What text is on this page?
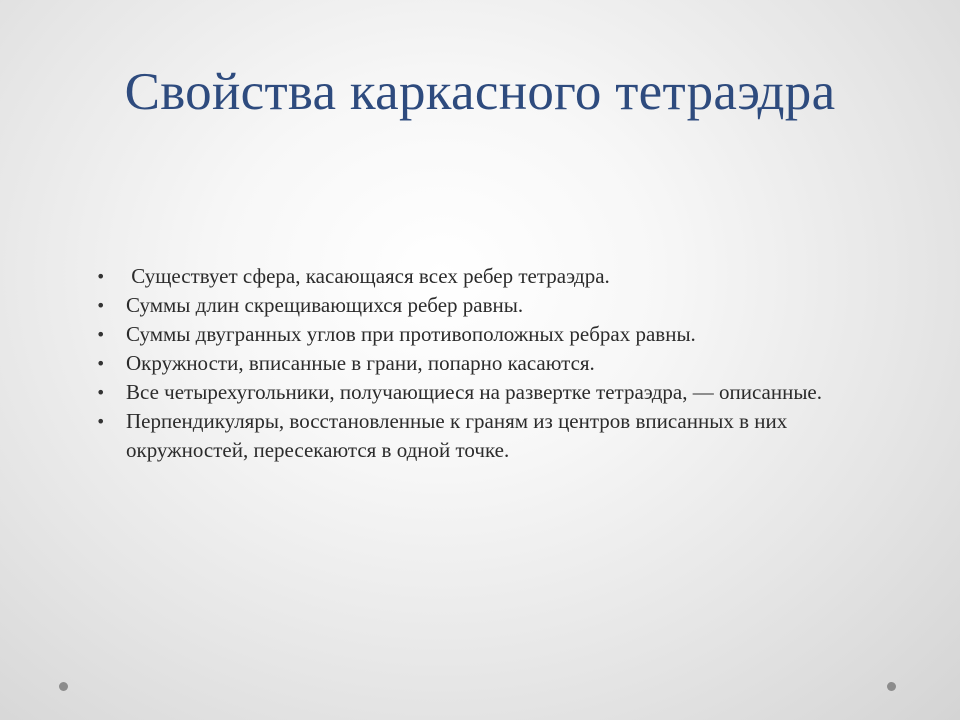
Свойства каркасного тетраэдра
• Существует сфера, касающаяся всех ребер тетраэдра.
• Суммы длин скрещивающихся ребер равны.
• Суммы двугранных углов при противоположных ребрах равны.
• Окружности, вписанные в грани, попарно касаются.
• Все четырехугольники, получающиеся на развертке тетраэдра, — описанные.
• Перпендикуляры, восстановленные к граням из центров вписанных в них окружностей, пересекаются в одной точке.
